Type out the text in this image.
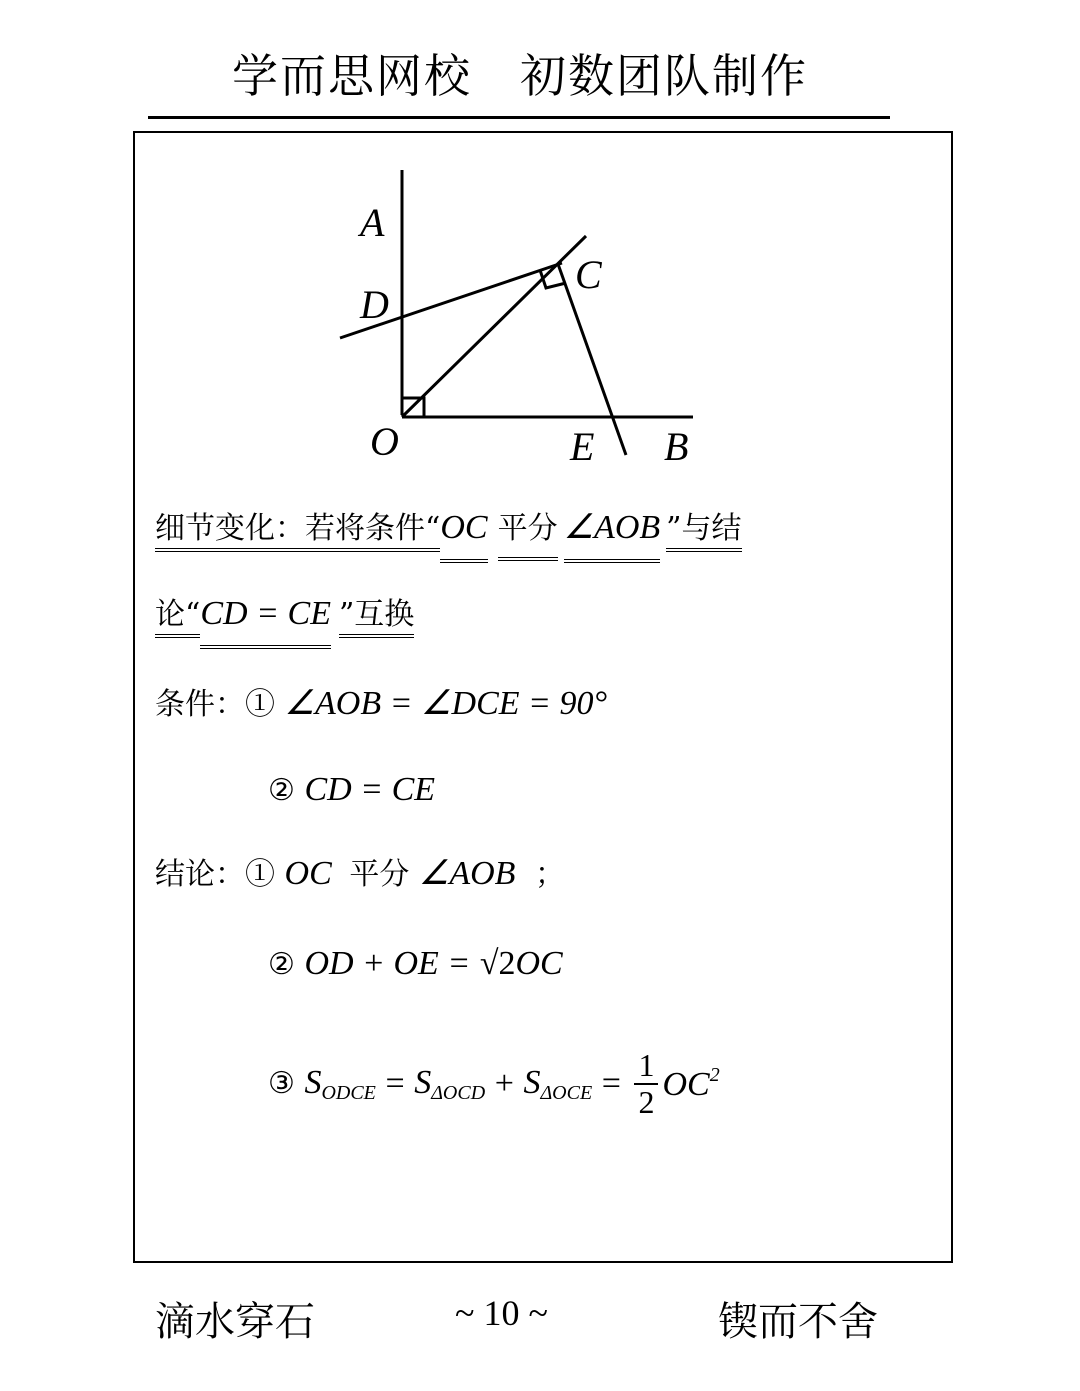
学而思网校　初数团队制作
A
C
D
O	E B
细节变化：若将条件“OC 平分 ∠AOB ”与结
论“CD = CE ”互换
条件：① ∠AOB = ∠DCE = 90°
② CD = CE
结论：① OC 平分 ∠AOB ；
② OD + OE = √2OC
③ $S_{ODCE} = S_{\Delta OCD} + S_{\Delta OCE} = \frac{1}{2} OC^2$
滴水穿石	~ 10 ~	锲而不舍
